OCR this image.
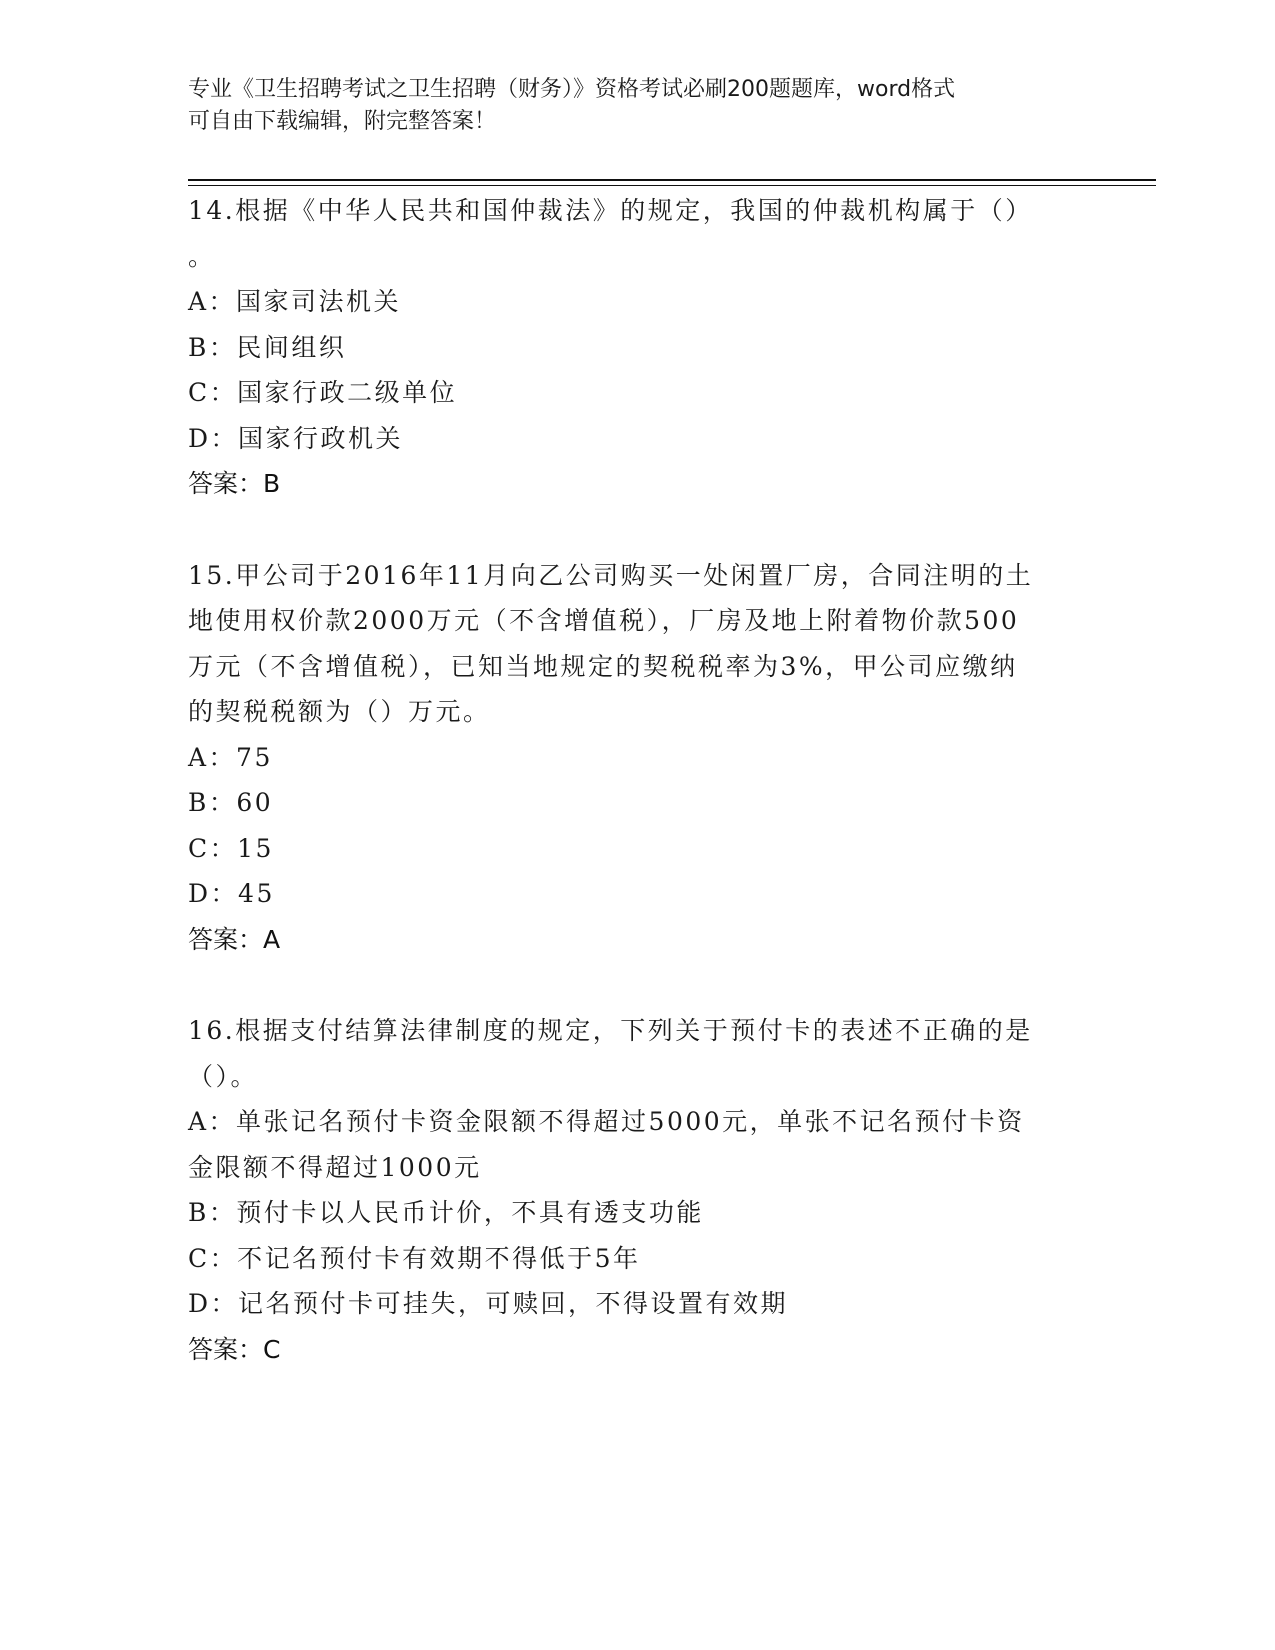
专业《卫生招聘考试之卫生招聘（财务）》资格考试必刷200题题库，word格式
可自由下载编辑，附完整答案！
14.根据《中华人民共和国仲裁法》的规定，我国的仲裁机构属于（）
。
A：国家司法机关
B：民间组织
C：国家行政二级单位
D：国家行政机关
答案：B
15.甲公司于2016年11月向乙公司购买一处闲置厂房，合同注明的土
地使用权价款2000万元（不含增值税），厂房及地上附着物价款500
万元（不含增值税），已知当地规定的契税税率为3%，甲公司应缴纳
的契税税额为（）万元。
A：75
B：60
C：15
D：45
答案：A
16.根据支付结算法律制度的规定，下列关于预付卡的表述不正确的是
（）。
A：单张记名预付卡资金限额不得超过5000元，单张不记名预付卡资
金限额不得超过1000元
B：预付卡以人民币计价，不具有透支功能
C：不记名预付卡有效期不得低于5年
D：记名预付卡可挂失，可赎回，不得设置有效期
答案：C
